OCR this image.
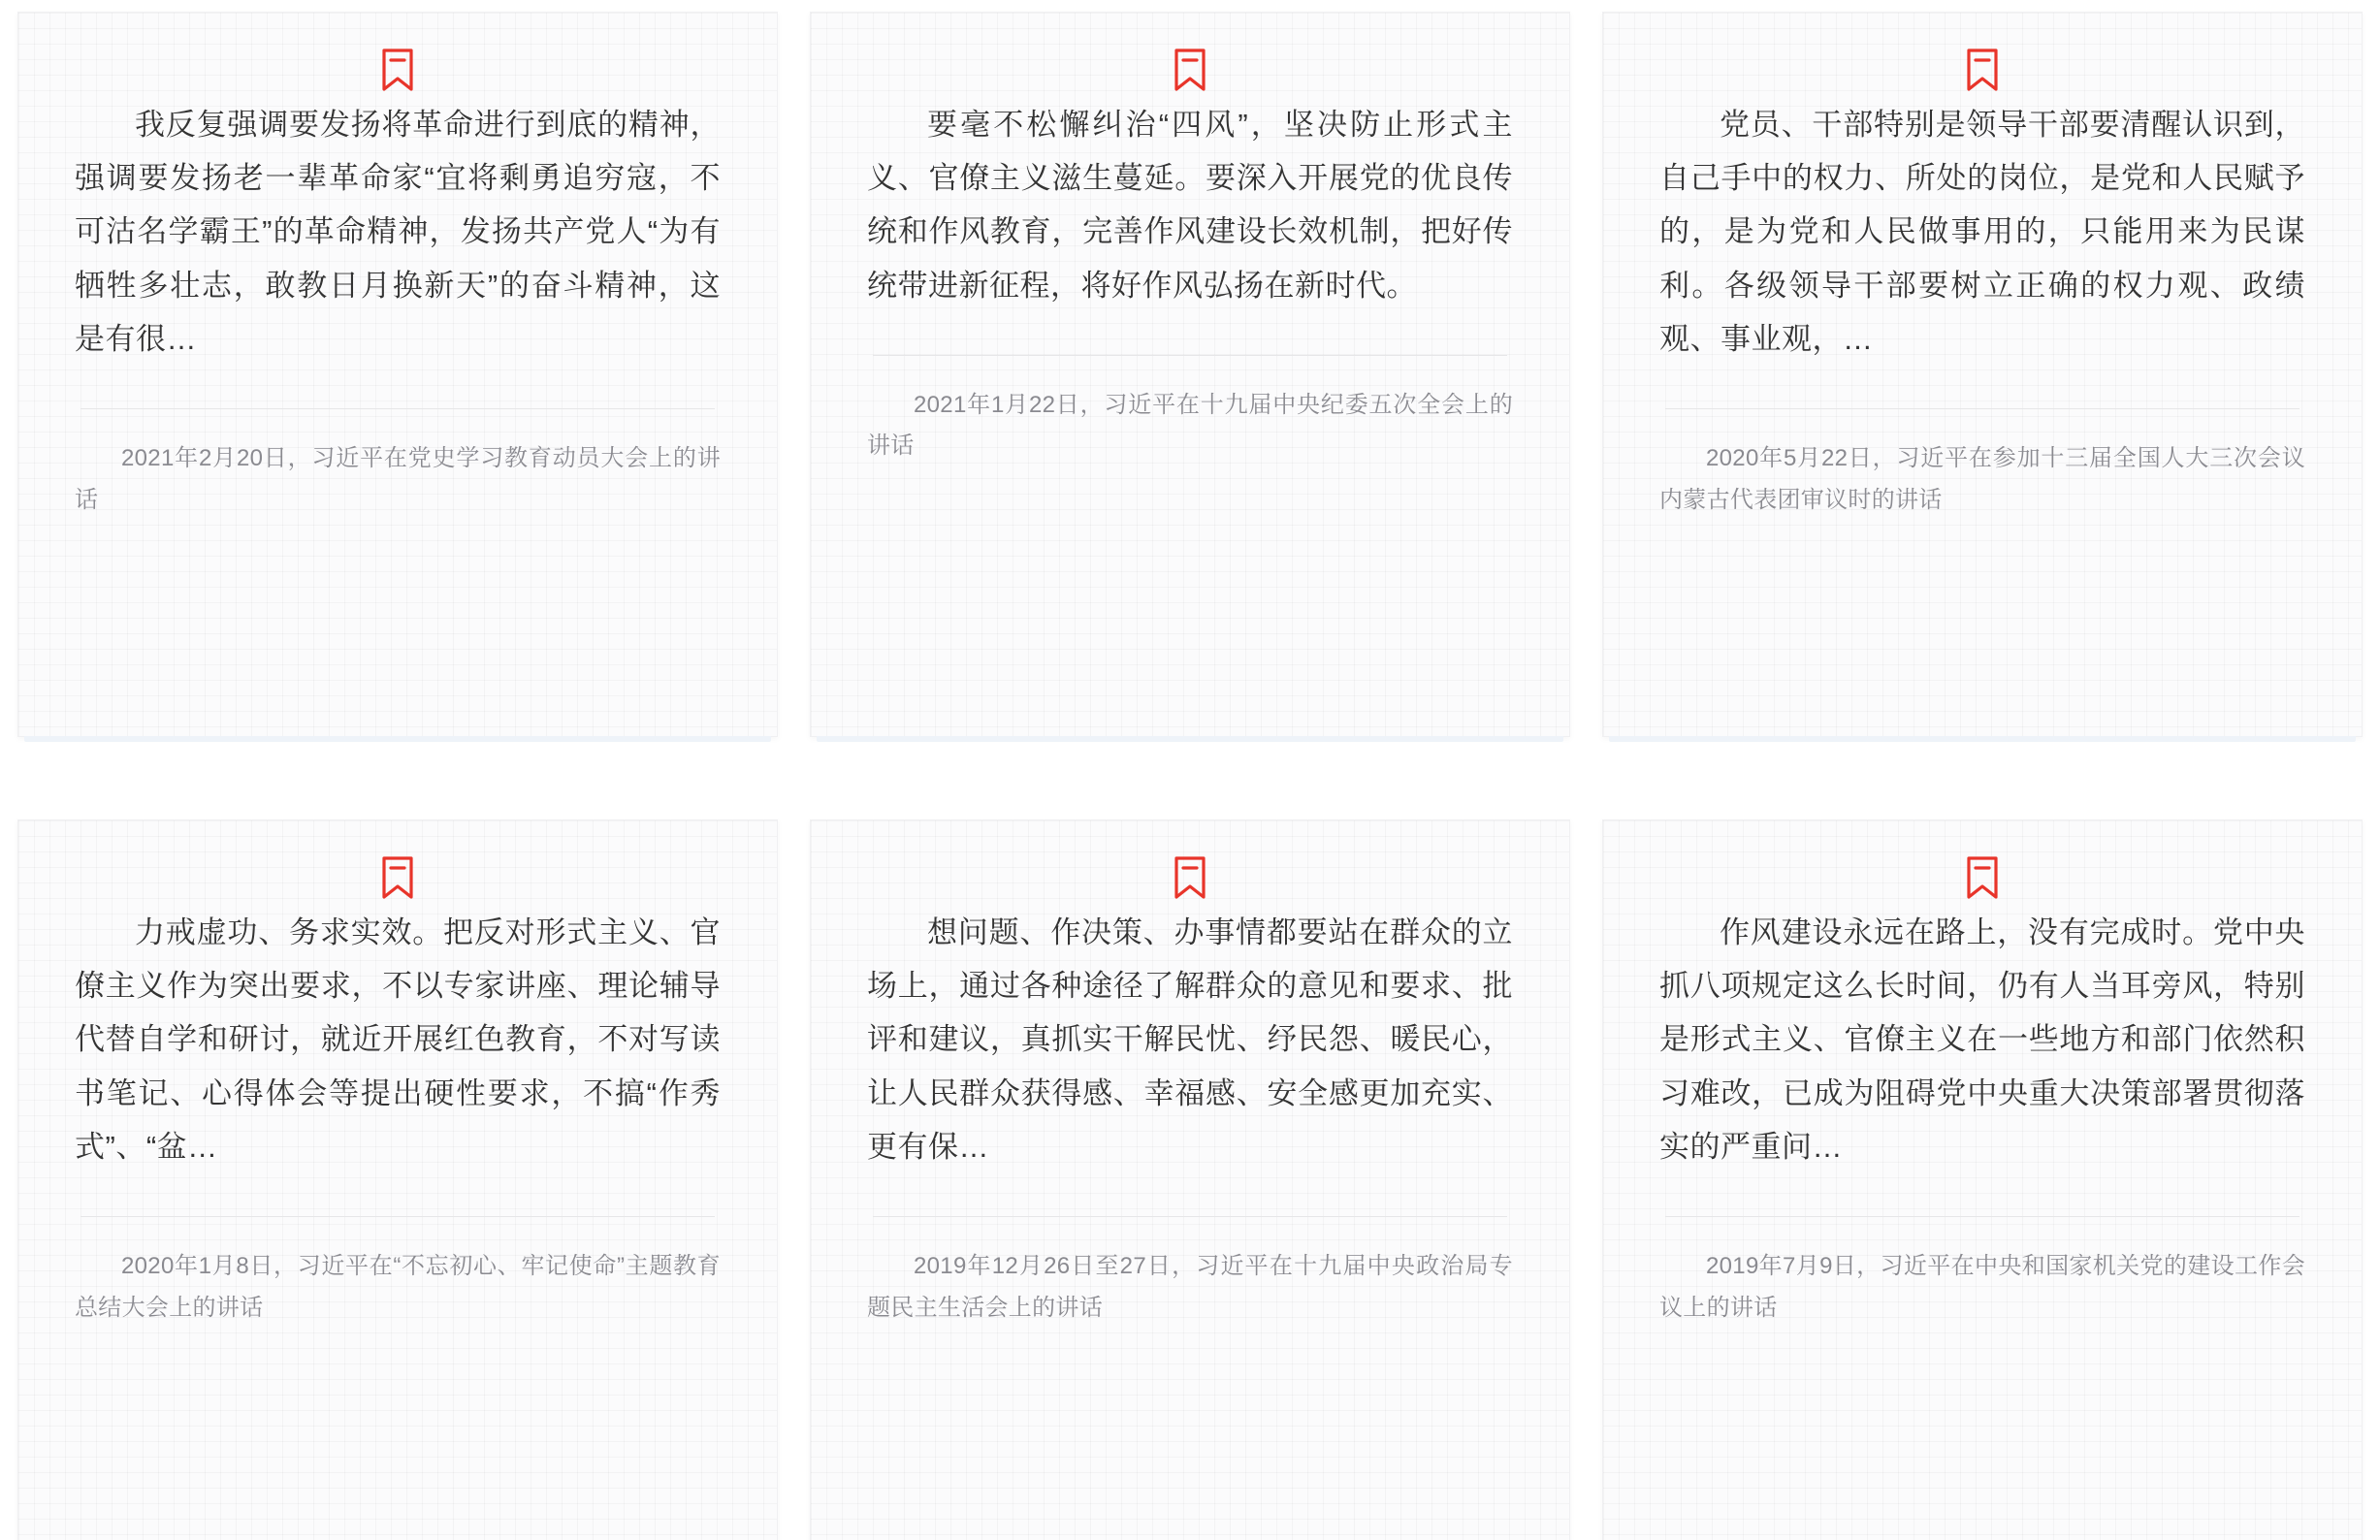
我反复强调要发扬将革命进行到底的精神，强调要发扬老一辈革命家“宜将剩勇追穷寇，不可沽名学霸王”的革命精神，发扬共产党人“为有牺牲多壮志，敢教日月换新天”的奋斗精神，这是有很…

2021年2月20日，习近平在党史学习教育动员大会上的讲话

要毫不松懈纠治“四风”，坚决防止形式主义、官僚主义滋生蔓延。要深入开展党的优良传统和作风教育，完善作风建设长效机制，把好传统带进新征程，将好作风弘扬在新时代。

2021年1月22日，习近平在十九届中央纪委五次全会上的讲话

党员、干部特别是领导干部要清醒认识到，自己手中的权力、所处的岗位，是党和人民赋予的，是为党和人民做事用的，只能用来为民谋利。各级领导干部要树立正确的权力观、政绩观、事业观，…

2020年5月22日，习近平在参加十三届全国人大三次会议内蒙古代表团审议时的讲话

力戒虚功、务求实效。把反对形式主义、官僚主义作为突出要求，不以专家讲座、理论辅导代替自学和研讨，就近开展红色教育，不对写读书笔记、心得体会等提出硬性要求，不搞“作秀式”、“盆…

2020年1月8日，习近平在“不忘初心、牢记使命”主题教育总结大会上的讲话

想问题、作决策、办事情都要站在群众的立场上，通过各种途径了解群众的意见和要求、批评和建议，真抓实干解民忧、纾民怨、暖民心，让人民群众获得感、幸福感、安全感更加充实、更有保…

2019年12月26日至27日，习近平在十九届中央政治局专题民主生活会上的讲话

作风建设永远在路上，没有完成时。党中央抓八项规定这么长时间，仍有人当耳旁风，特别是形式主义、官僚主义在一些地方和部门依然积习难改，已成为阻碍党中央重大决策部署贯彻落实的严重问…

2019年7月9日，习近平在中央和国家机关党的建设工作会议上的讲话
